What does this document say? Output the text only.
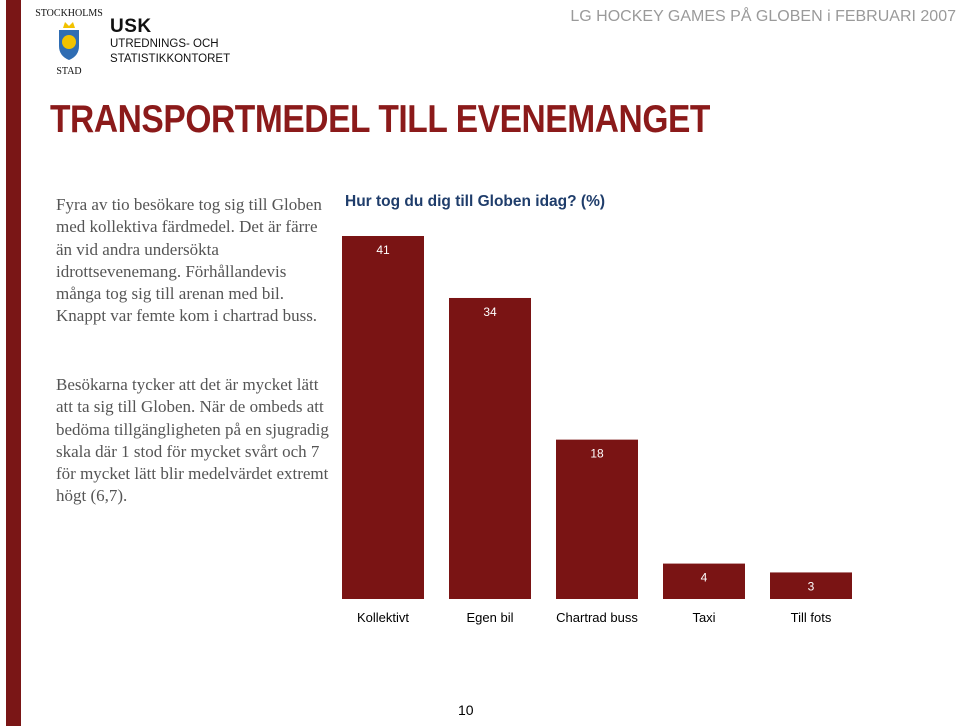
STOCKHOLMS
STAD
USK
UTREDNINGS- OCH
STATISTIKKONTORET
LG HOCKEY GAMES PÅ GLOBEN i FEBRUARI 2007
TRANSPORTMEDEL TILL EVENEMANGET
Fyra av tio besökare tog sig till Globen med kollektiva färdmedel. Det är färre än vid andra undersökta idrottsevenemang. Förhållandevis många tog sig till arenan med bil. Knappt var femte kom i chartrad buss.
Besökarna tycker att det är mycket lätt att ta sig till Globen. När de ombeds att bedöma tillgängligheten på en sjugradig skala där 1 stod för mycket svårt och 7 för mycket lätt blir medelvärdet extremt högt (6,7).
Hur tog du dig till Globen idag? (%)
41
Kollektivt
34
Egen bil
18
Chartrad buss
4
Taxi
3
Till fots
10
